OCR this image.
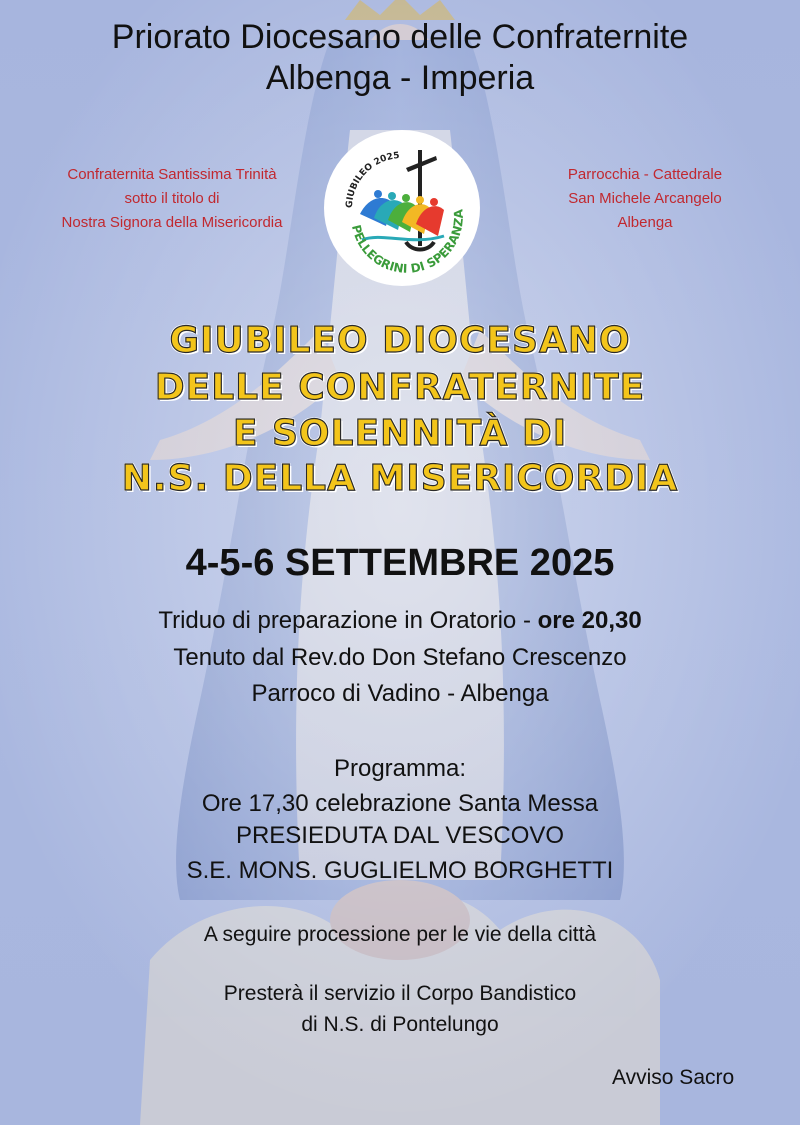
Priorato Diocesano delle Confraternite
Albenga - Imperia
Confraternita Santissima Trinità
sotto il titolo di
Nostra Signora della Misericordia
GIUBILEO 2025
PELLEGRINI DI SPERANZA
Parrocchia - Cattedrale
San Michele Arcangelo
Albenga
GIUBILEO DIOCESANO
DELLE CONFRATERNITE
E SOLENNITÀ DI
N.S. DELLA MISERICORDIA
4-5-6 SETTEMBRE 2025
Triduo di preparazione in Oratorio - ore 20,30
Tenuto dal Rev.do Don Stefano Crescenzo
Parroco di Vadino - Albenga
Programma:
Ore 17,30 celebrazione Santa Messa
PRESIEDUTA DAL VESCOVO
S.E. MONS. GUGLIELMO BORGHETTI
A seguire processione per le vie della città
Presterà il servizio il Corpo Bandistico
di N.S. di Pontelungo
Avviso Sacro
